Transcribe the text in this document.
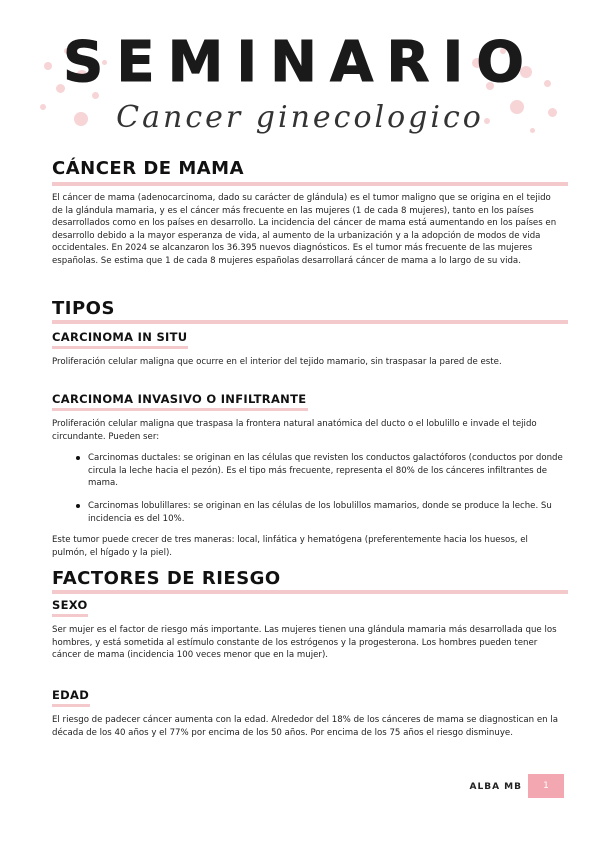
SEMINARIO
Cancer ginecologico
CÁNCER DE MAMA
El cáncer de mama (adenocarcinoma, dado su carácter de glándula) es el tumor maligno que se origina en el tejido de la glándula mamaria, y es el cáncer más frecuente en las mujeres (1 de cada 8 mujeres), tanto en los países desarrollados como en los países en desarrollo. La incidencia del cáncer de mama está aumentando en los países en desarrollo debido a la mayor esperanza de vida, al aumento de la urbanización y a la adopción de modos de vida occidentales. En 2024 se alcanzaron los 36.395 nuevos diagnósticos. Es el tumor más frecuente de las mujeres españolas. Se estima que 1 de cada 8 mujeres españolas desarrollará cáncer de mama a lo largo de su vida.
TIPOS
CARCINOMA IN SITU
Proliferación celular maligna que ocurre en el interior del tejido mamario, sin traspasar la pared de este.
CARCINOMA INVASIVO O INFILTRANTE
Proliferación celular maligna que traspasa la frontera natural anatómica del ducto o el lobulillo e invade el tejido circundante. Pueden ser:
Carcinomas ductales: se originan en las células que revisten los conductos galactóforos (conductos por donde circula la leche hacia el pezón). Es el tipo más frecuente, representa el 80% de los cánceres infiltrantes de mama.
Carcinomas lobulillares: se originan en las células de los lobulillos mamarios, donde se produce la leche. Su incidencia es del 10%.
Este tumor puede crecer de tres maneras: local, linfática y hematógena (preferentemente hacia los huesos, el pulmón, el hígado y la piel).
FACTORES DE RIESGO
SEXO
Ser mujer es el factor de riesgo más importante. Las mujeres tienen una glándula mamaria más desarrollada que los hombres, y está sometida al estímulo constante de los estrógenos y la progesterona. Los hombres pueden tener cáncer de mama (incidencia 100 veces menor que en la mujer).
EDAD
El riesgo de padecer cáncer aumenta con la edad. Alrededor del 18% de los cánceres de mama se diagnostican en la década de los 40 años y el 77% por encima de los 50 años. Por encima de los 75 años el riesgo disminuye.
ALBA MB	1
